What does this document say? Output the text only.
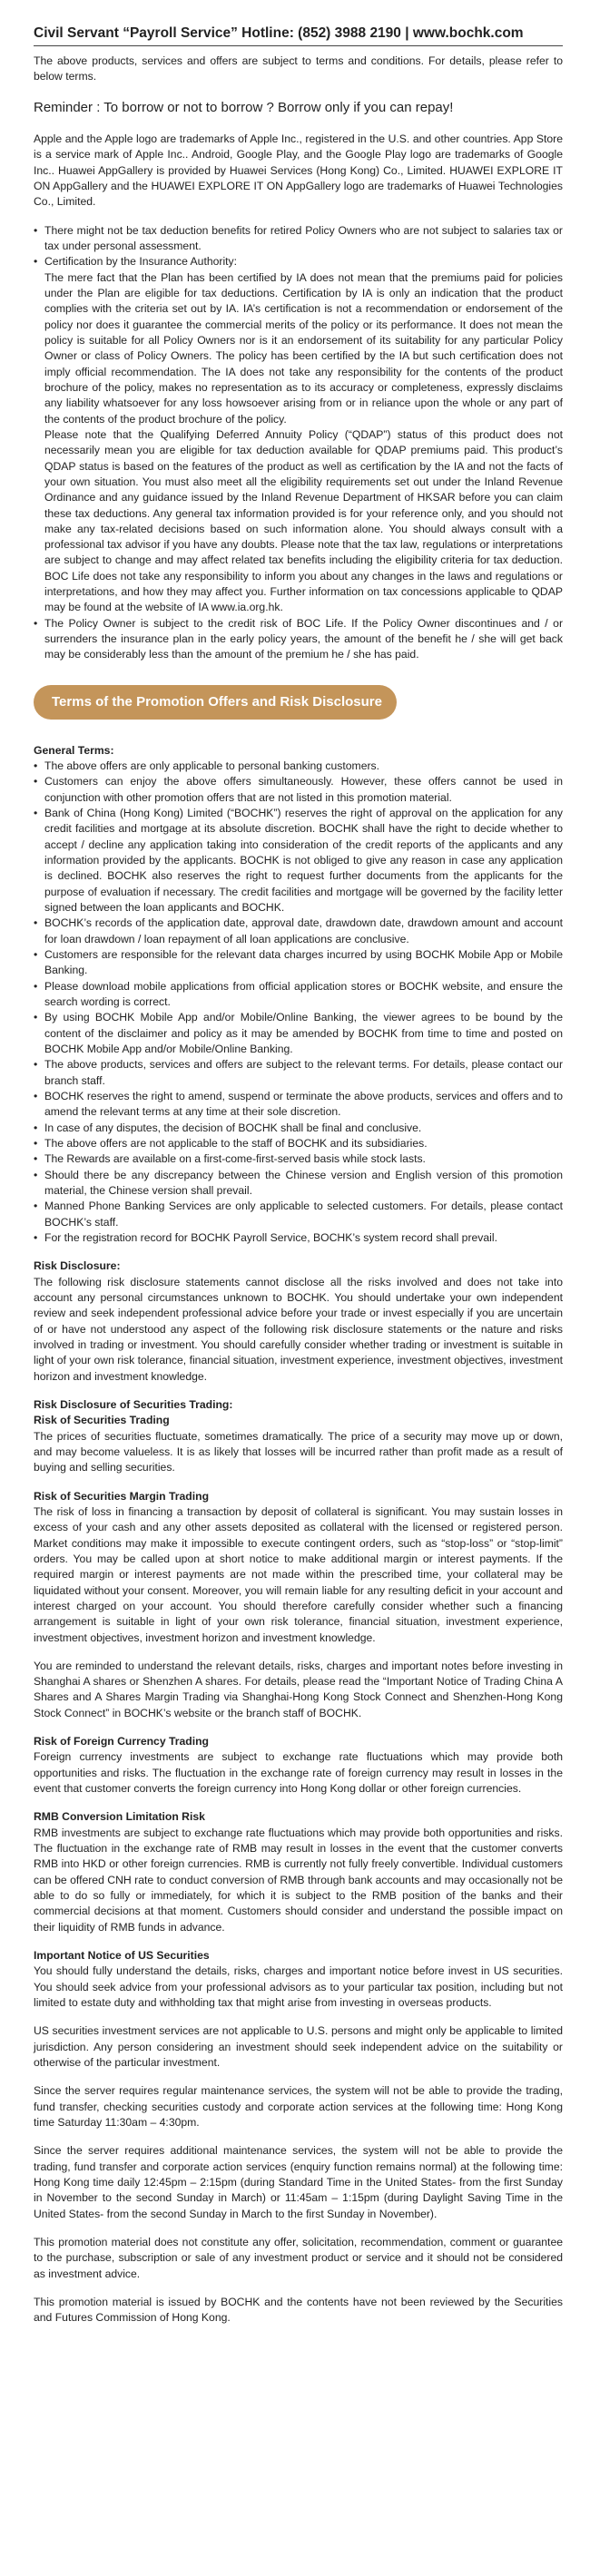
Civil Servant “Payroll Service” Hotline: (852) 3988 2190 | www.bochk.com

The above products, services and offers are subject to terms and conditions. For details, please refer to below terms.

Reminder : To borrow or not to borrow ? Borrow only if you can repay!

Apple and the Apple logo are trademarks of Apple Inc., registered in the U.S. and other countries. App Store is a service mark of Apple Inc.. Android, Google Play, and the Google Play logo are trademarks of Google Inc.. Huawei AppGallery is provided by Huawei Services (Hong Kong) Co., Limited. HUAWEI EXPLORE IT ON AppGallery and the HUAWEI EXPLORE IT ON AppGallery logo are trademarks of Huawei Technologies Co., Limited.

• There might not be tax deduction benefits for retired Policy Owners who are not subject to salaries tax or tax under personal assessment.
• Certification by the Insurance Authority:
The mere fact that the Plan has been certified by IA does not mean that the premiums paid for policies under the Plan are eligible for tax deductions. Certification by IA is only an indication that the product complies with the criteria set out by IA. IA’s certification is not a recommendation or endorsement of the policy nor does it guarantee the commercial merits of the policy or its performance. It does not mean the policy is suitable for all Policy Owners nor is it an endorsement of its suitability for any particular Policy Owner or class of Policy Owners. The policy has been certified by the IA but such certification does not imply official recommendation. The IA does not take any responsibility for the contents of the product brochure of the policy, makes no representation as to its accuracy or completeness, expressly disclaims any liability whatsoever for any loss howsoever arising from or in reliance upon the whole or any part of the contents of the product brochure of the policy.
Please note that the Qualifying Deferred Annuity Policy (“QDAP”) status of this product does not necessarily mean you are eligible for tax deduction available for QDAP premiums paid. This product’s QDAP status is based on the features of the product as well as certification by the IA and not the facts of your own situation. You must also meet all the eligibility requirements set out under the Inland Revenue Ordinance and any guidance issued by the Inland Revenue Department of HKSAR before you can claim these tax deductions. Any general tax information provided is for your reference only, and you should not make any tax-related decisions based on such information alone. You should always consult with a professional tax advisor if you have any doubts. Please note that the tax law, regulations or interpretations are subject to change and may affect related tax benefits including the eligibility criteria for tax deduction. BOC Life does not take any responsibility to inform you about any changes in the laws and regulations or interpretations, and how they may affect you. Further information on tax concessions applicable to QDAP may be found at the website of IA www.ia.org.hk.
• The Policy Owner is subject to the credit risk of BOC Life. If the Policy Owner discontinues and / or surrenders the insurance plan in the early policy years, the amount of the benefit he / she will get back may be considerably less than the amount of the premium he / she has paid.
Terms of the Promotion Offers and Risk Disclosure

General Terms:

• The above offers are only applicable to personal banking customers.
• Customers can enjoy the above offers simultaneously. However, these offers cannot be used in conjunction with other promotion offers that are not listed in this promotion material.
• Bank of China (Hong Kong) Limited (“BOCHK”) reserves the right of approval on the application for any credit facilities and mortgage at its absolute discretion. BOCHK shall have the right to decide whether to accept / decline any application taking into consideration of the credit reports of the applicants and any information provided by the applicants. BOCHK is not obliged to give any reason in case any application is declined. BOCHK also reserves the right to request further documents from the applicants for the purpose of evaluation if necessary. The credit facilities and mortgage will be governed by the facility letter signed between the loan applicants and BOCHK.
• BOCHK’s records of the application date, approval date, drawdown date, drawdown amount and account for loan drawdown / loan repayment of all loan applications are conclusive.
• Customers are responsible for the relevant data charges incurred by using BOCHK Mobile App or Mobile Banking.
• Please download mobile applications from official application stores or BOCHK website, and ensure the search wording is correct.
• By using BOCHK Mobile App and/or Mobile/Online Banking, the viewer agrees to be bound by the content of the disclaimer and policy as it may be amended by BOCHK from time to time and posted on BOCHK Mobile App and/or Mobile/Online Banking.
• The above products, services and offers are subject to the relevant terms. For details, please contact our branch staff.
• BOCHK reserves the right to amend, suspend or terminate the above products, services and offers and to amend the relevant terms at any time at their sole discretion.
• In case of any disputes, the decision of BOCHK shall be final and conclusive.
• The above offers are not applicable to the staff of BOCHK and its subsidiaries.
• The Rewards are available on a first-come-first-served basis while stock lasts.
• Should there be any discrepancy between the Chinese version and English version of this promotion material, the Chinese version shall prevail.
• Manned Phone Banking Services are only applicable to selected customers. For details, please contact BOCHK’s staff.
• For the registration record for BOCHK Payroll Service, BOCHK’s system record shall prevail.

Risk Disclosure:

The following risk disclosure statements cannot disclose all the risks involved and does not take into account any personal circumstances unknown to BOCHK. You should undertake your own independent review and seek independent professional advice before your trade or invest especially if you are uncertain of or have not understood any aspect of the following risk disclosure statements or the nature and risks involved in trading or investment. You should carefully consider whether trading or investment is suitable in light of your own risk tolerance, financial situation, investment experience, investment objectives, investment horizon and investment knowledge.

Risk Disclosure of Securities Trading:

Risk of Securities Trading

The prices of securities fluctuate, sometimes dramatically. The price of a security may move up or down, and may become valueless. It is as likely that losses will be incurred rather than profit made as a result of buying and selling securities.

Risk of Securities Margin Trading

The risk of loss in financing a transaction by deposit of collateral is significant. You may sustain losses in excess of your cash and any other assets deposited as collateral with the licensed or registered person. Market conditions may make it impossible to execute contingent orders, such as “stop-loss” or “stop-limit” orders. You may be called upon at short notice to make additional margin or interest payments. If the required margin or interest payments are not made within the prescribed time, your collateral may be liquidated without your consent. Moreover, you will remain liable for any resulting deficit in your account and interest charged on your account. You should therefore carefully consider whether such a financing arrangement is suitable in light of your own risk tolerance, financial situation, investment experience, investment objectives, investment horizon and investment knowledge.

You are reminded to understand the relevant details, risks, charges and important notes before investing in Shanghai A shares or Shenzhen A shares. For details, please read the “Important Notice of Trading China A Shares and A Shares Margin Trading via Shanghai-Hong Kong Stock Connect and Shenzhen-Hong Kong Stock Connect” in BOCHK’s website or the branch staff of BOCHK.

Risk of Foreign Currency Trading

Foreign currency investments are subject to exchange rate fluctuations which may provide both opportunities and risks. The fluctuation in the exchange rate of foreign currency may result in losses in the event that customer converts the foreign currency into Hong Kong dollar or other foreign currencies.

RMB Conversion Limitation Risk

RMB investments are subject to exchange rate fluctuations which may provide both opportunities and risks. The fluctuation in the exchange rate of RMB may result in losses in the event that the customer converts RMB into HKD or other foreign currencies. RMB is currently not fully freely convertible. Individual customers can be offered CNH rate to conduct conversion of RMB through bank accounts and may occasionally not be able to do so fully or immediately, for which it is subject to the RMB position of the banks and their commercial decisions at that moment. Customers should consider and understand the possible impact on their liquidity of RMB funds in advance.

Important Notice of US Securities

You should fully understand the details, risks, charges and important notice before invest in US securities. You should seek advice from your professional advisors as to your particular tax position, including but not limited to estate duty and withholding tax that might arise from investing in overseas products.

US securities investment services are not applicable to U.S. persons and might only be applicable to limited jurisdiction. Any person considering an investment should seek independent advice on the suitability or otherwise of the particular investment.

Since the server requires regular maintenance services, the system will not be able to provide the trading, fund transfer, checking securities custody and corporate action services at the following time: Hong Kong time Saturday 11:30am – 4:30pm.

Since the server requires additional maintenance services, the system will not be able to provide the trading, fund transfer and corporate action services (enquiry function remains normal) at the following time: Hong Kong time daily 12:45pm – 2:15pm (during Standard Time in the United States- from the first Sunday in November to the second Sunday in March) or 11:45am – 1:15pm (during Daylight Saving Time in the United States- from the second Sunday in March to the first Sunday in November).

This promotion material does not constitute any offer, solicitation, recommendation, comment or guarantee to the purchase, subscription or sale of any investment product or service and it should not be considered as investment advice.

This promotion material is issued by BOCHK and the contents have not been reviewed by the Securities and Futures Commission of Hong Kong.
